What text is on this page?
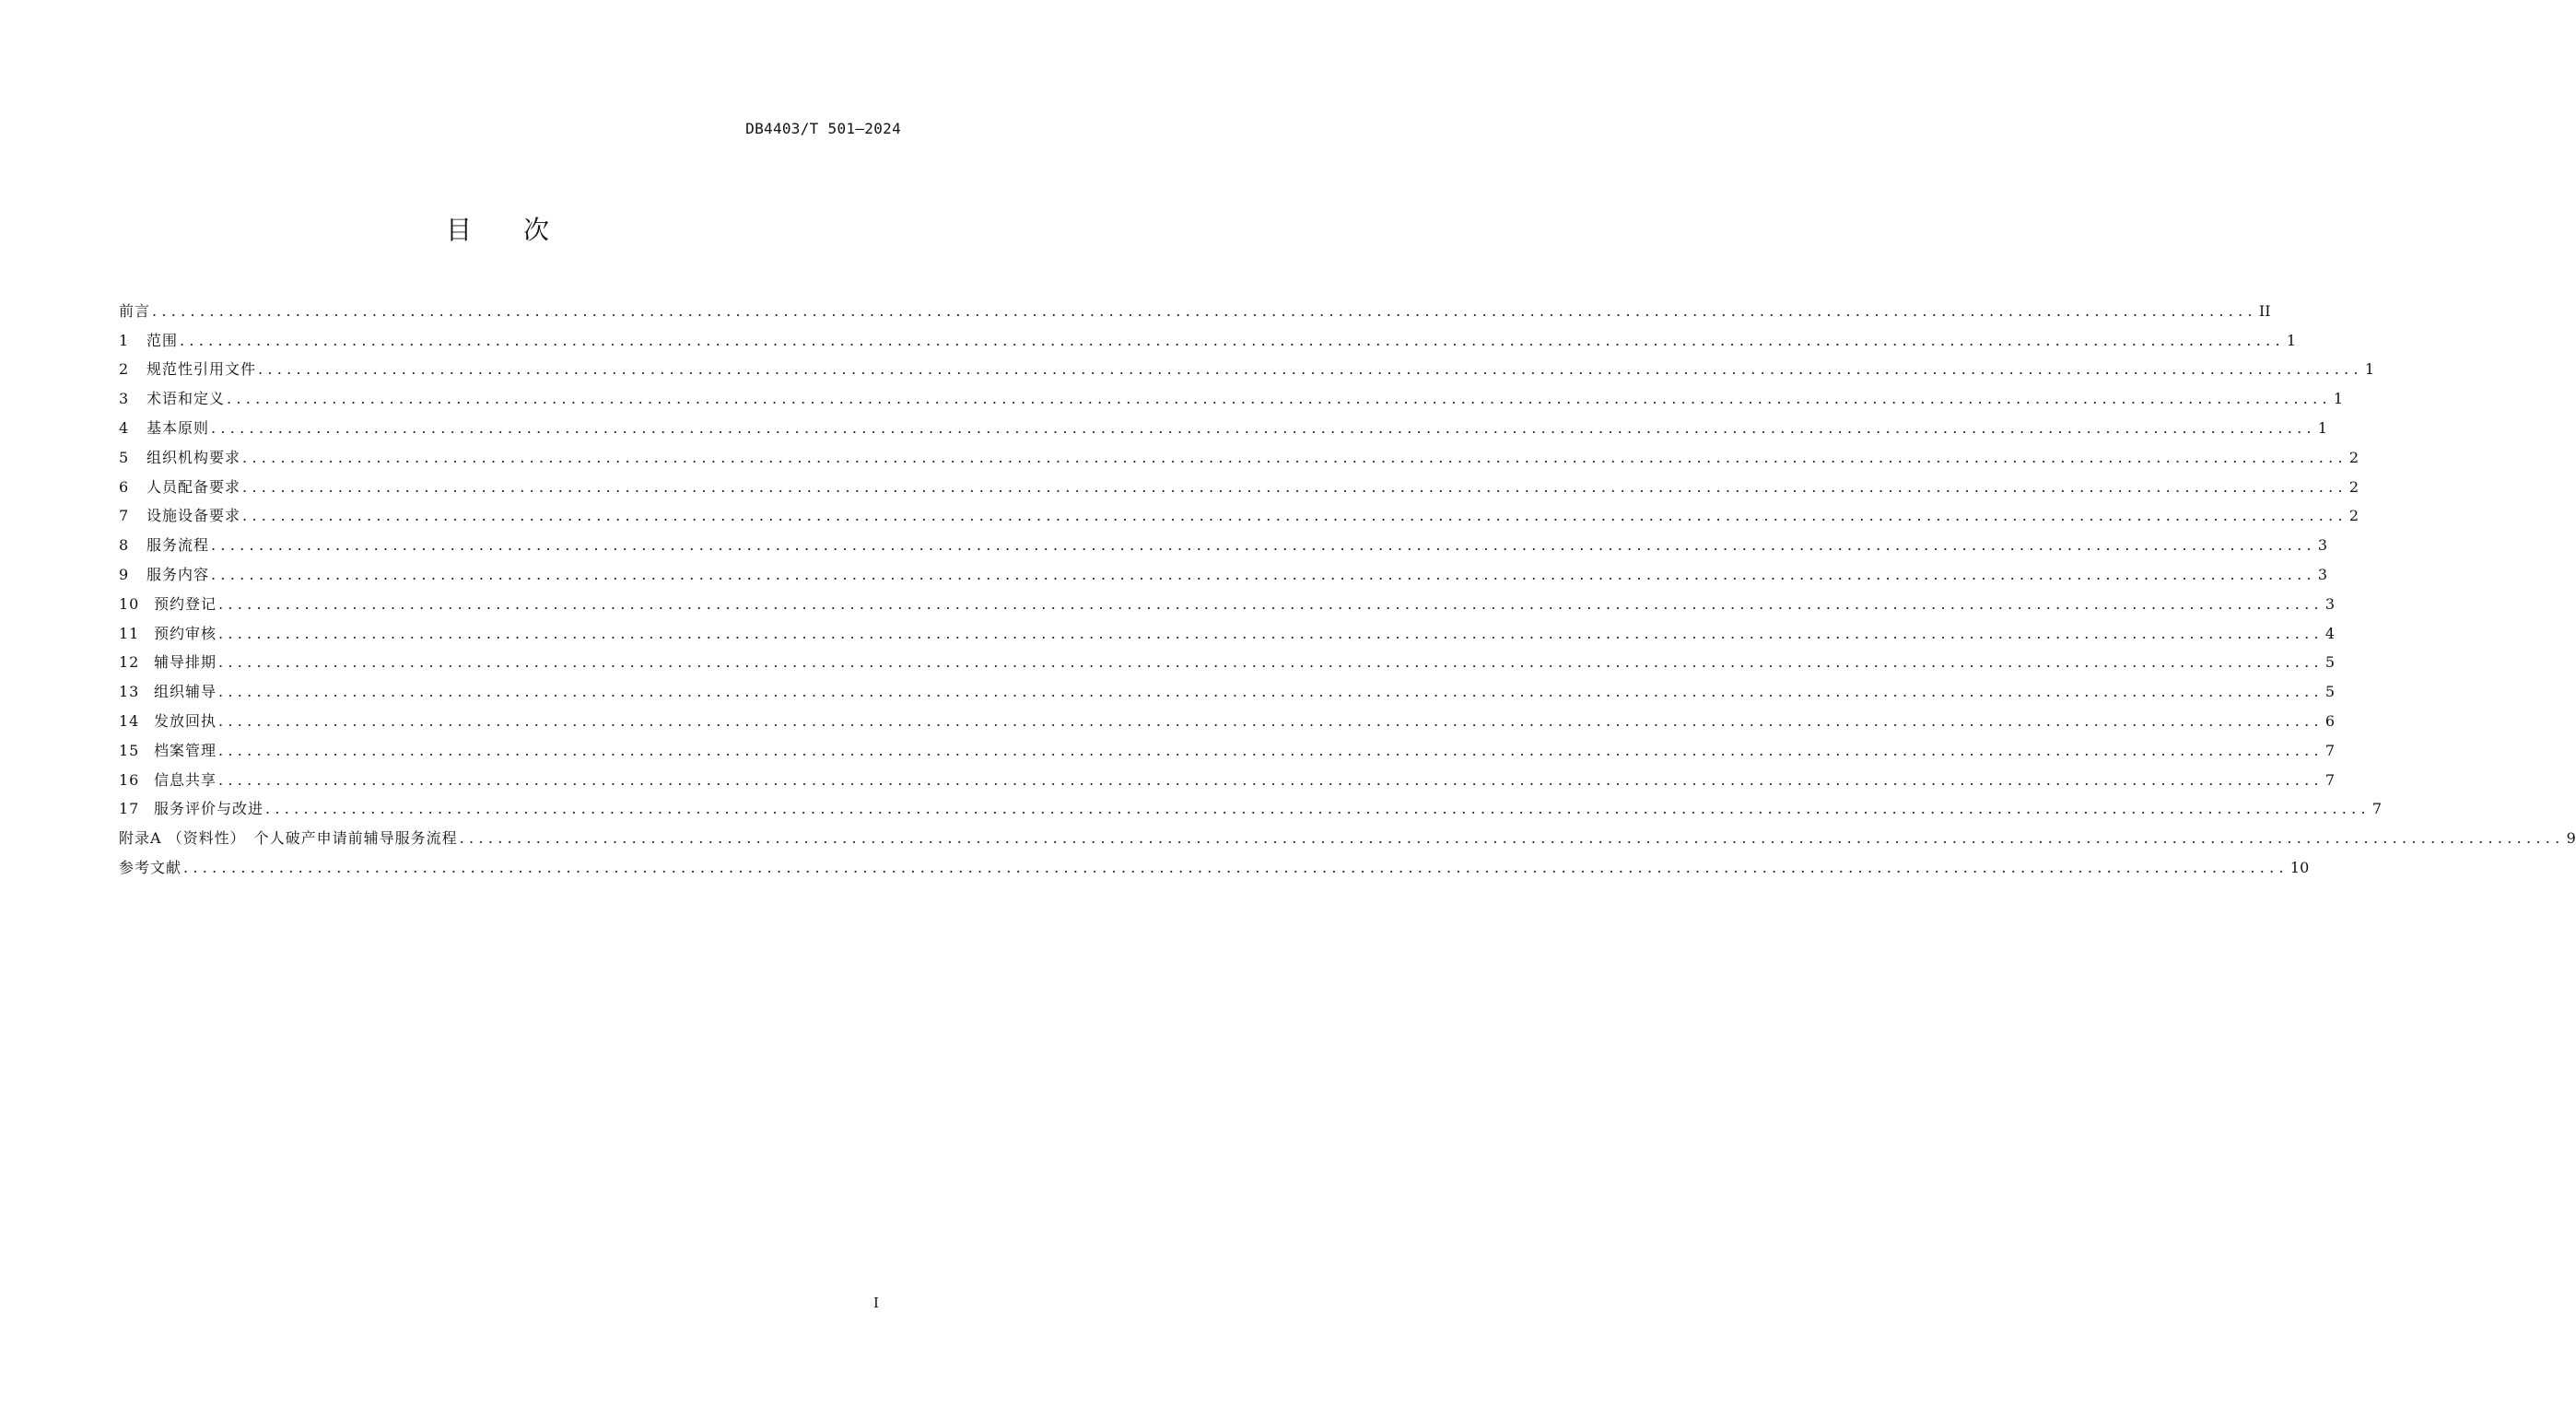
DB4403/T 501—2024
目次
前言 ............................................................................................................................................................................................................................ II
1 范围 ............................................................................................................................................................................................................................ 1
2 规范性引用文件 ............................................................................................................................................................................................................................ 1
3 术语和定义 ............................................................................................................................................................................................................................ 1
4 基本原则 ............................................................................................................................................................................................................................ 1
5 组织机构要求 ............................................................................................................................................................................................................................ 2
6 人员配备要求 ............................................................................................................................................................................................................................ 2
7 设施设备要求 ............................................................................................................................................................................................................................ 2
8 服务流程 ............................................................................................................................................................................................................................ 3
9 服务内容 ............................................................................................................................................................................................................................ 3
10 预约登记 ............................................................................................................................................................................................................................ 3
11 预约审核 ............................................................................................................................................................................................................................ 4
12 辅导排期 ............................................................................................................................................................................................................................ 5
13 组织辅导 ............................................................................................................................................................................................................................ 5
14 发放回执 ............................................................................................................................................................................................................................ 6
15 档案管理 ............................................................................................................................................................................................................................ 7
16 信息共享 ............................................................................................................................................................................................................................ 7
17 服务评价与改进 ............................................................................................................................................................................................................................ 7
附录A （资料性）　个人破产申请前辅导服务流程 ............................................................................................................................................................................................................................ 9
参考文献 ............................................................................................................................................................................................................................ 10
I
